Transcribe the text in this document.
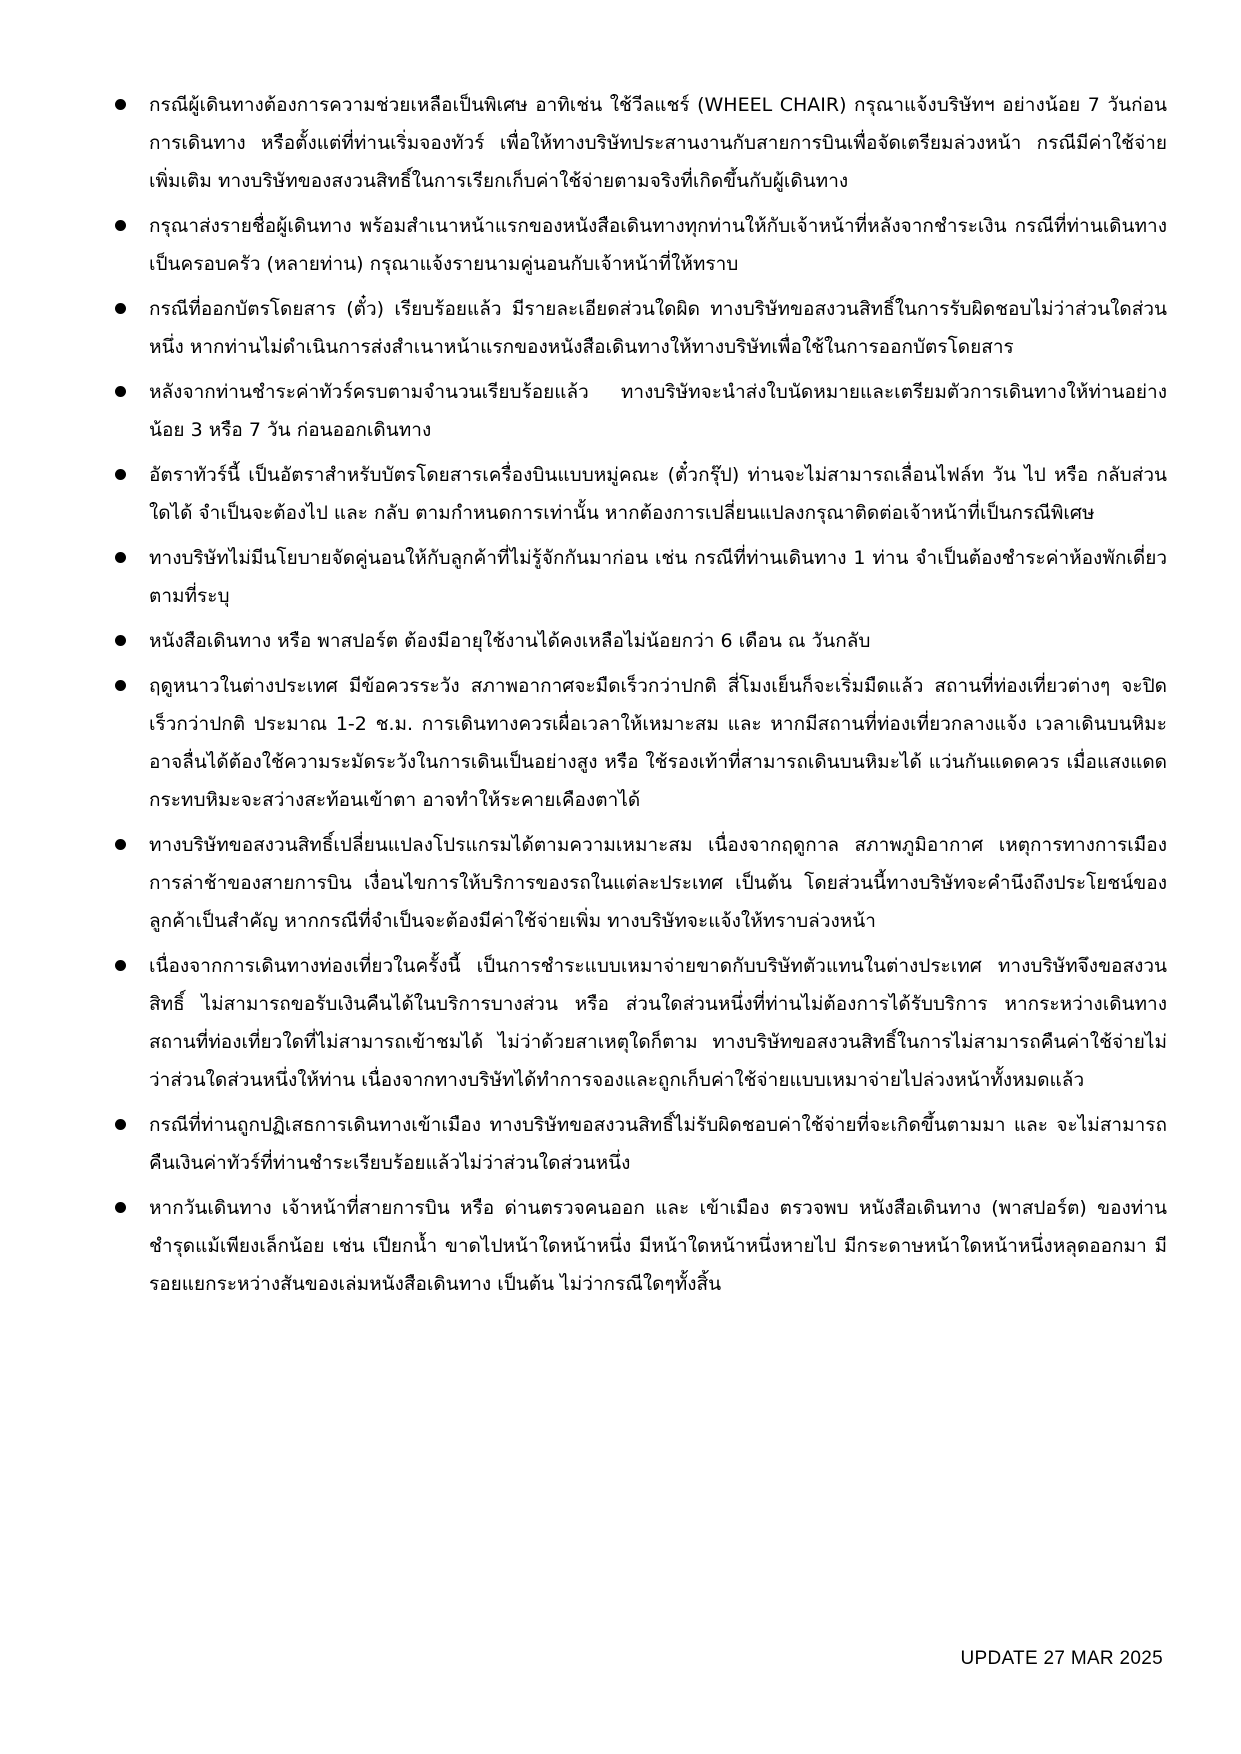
กรณีผู้เดินทางต้องการความช่วยเหลือเป็นพิเศษ อาทิเช่น ใช้วีลแชร์ (WHEEL CHAIR) กรุณาแจ้งบริษัทฯ อย่างน้อย 7 วันก่อนการเดินทาง หรือตั้งแต่ที่ท่านเริ่มจองทัวร์ เพื่อให้ทางบริษัทประสานงานกับสายการบินเพื่อจัดเตรียมล่วงหน้า กรณีมีค่าใช้จ่ายเพิ่มเติม ทางบริษัทของสงวนสิทธิ์ในการเรียกเก็บค่าใช้จ่ายตามจริงที่เกิดขึ้นกับผู้เดินทาง
กรุณาส่งรายชื่อผู้เดินทาง พร้อมสำเนาหน้าแรกของหนังสือเดินทางทุกท่านให้กับเจ้าหน้าที่หลังจากชำระเงิน กรณีที่ท่านเดินทางเป็นครอบครัว (หลายท่าน) กรุณาแจ้งรายนามคู่นอนกับเจ้าหน้าที่ให้ทราบ
กรณีที่ออกบัตรโดยสาร (ตั๋ว) เรียบร้อยแล้ว มีรายละเอียดส่วนใดผิด ทางบริษัทขอสงวนสิทธิ์ในการรับผิดชอบไม่ว่าส่วนใดส่วนหนึ่ง หากท่านไม่ดำเนินการส่งสำเนาหน้าแรกของหนังสือเดินทางให้ทางบริษัทเพื่อใช้ในการออกบัตรโดยสาร
หลังจากท่านชำระค่าทัวร์ครบตามจำนวนเรียบร้อยแล้ว ทางบริษัทจะนำส่งใบนัดหมายและเตรียมตัวการเดินทางให้ท่านอย่างน้อย 3 หรือ 7 วัน ก่อนออกเดินทาง
อัตราทัวร์นี้ เป็นอัตราสำหรับบัตรโดยสารเครื่องบินแบบหมู่คณะ (ตั๋วกรุ๊ป) ท่านจะไม่สามารถเลื่อนไฟล์ท วัน ไป หรือ กลับส่วนใดได้ จำเป็นจะต้องไป และ กลับ ตามกำหนดการเท่านั้น หากต้องการเปลี่ยนแปลงกรุณาติดต่อเจ้าหน้าที่เป็นกรณีพิเศษ
ทางบริษัทไม่มีนโยบายจัดคู่นอนให้กับลูกค้าที่ไม่รู้จักกันมาก่อน เช่น กรณีที่ท่านเดินทาง 1 ท่าน จำเป็นต้องชำระค่าห้องพักเดี่ยวตามที่ระบุ
หนังสือเดินทาง หรือ พาสปอร์ต ต้องมีอายุใช้งานได้คงเหลือไม่น้อยกว่า 6 เดือน ณ วันกลับ
ฤดูหนาวในต่างประเทศ มีข้อควรระวัง สภาพอากาศจะมืดเร็วกว่าปกติ สี่โมงเย็นก็จะเริ่มมืดแล้ว สถานที่ท่องเที่ยวต่างๆ จะปิดเร็วกว่าปกติ ประมาณ 1-2 ช.ม. การเดินทางควรเผื่อเวลาให้เหมาะสม และ หากมีสถานที่ท่องเที่ยวกลางแจ้ง เวลาเดินบนหิมะ อาจลื่นได้ต้องใช้ความระมัดระวังในการเดินเป็นอย่างสูง หรือ ใช้รองเท้าที่สามารถเดินบนหิมะได้ แว่นกันแดดควร เมื่อแสงแดดกระทบหิมะจะสว่างสะท้อนเข้าตา อาจทำให้ระคายเคืองตาได้
ทางบริษัทขอสงวนสิทธิ์เปลี่ยนแปลงโปรแกรมได้ตามความเหมาะสม เนื่องจากฤดูกาล สภาพภูมิอากาศ เหตุการทางการเมือง การล่าช้าของสายการบิน เงื่อนไขการให้บริการของรถในแต่ละประเทศ เป็นต้น โดยส่วนนี้ทางบริษัทจะคำนึงถึงประโยชน์ของลูกค้าเป็นสำคัญ หากกรณีที่จำเป็นจะต้องมีค่าใช้จ่ายเพิ่ม ทางบริษัทจะแจ้งให้ทราบล่วงหน้า
เนื่องจากการเดินทางท่องเที่ยวในครั้งนี้ เป็นการชำระแบบเหมาจ่ายขาดกับบริษัทตัวแทนในต่างประเทศ ทางบริษัทจึงขอสงวนสิทธิ์ ไม่สามารถขอรับเงินคืนได้ในบริการบางส่วน หรือ ส่วนใดส่วนหนึ่งที่ท่านไม่ต้องการได้รับบริการ หากระหว่างเดินทาง สถานที่ท่องเที่ยวใดที่ไม่สามารถเข้าชมได้ ไม่ว่าด้วยสาเหตุใดก็ตาม ทางบริษัทขอสงวนสิทธิ์ในการไม่สามารถคืนค่าใช้จ่ายไม่ว่าส่วนใดส่วนหนึ่งให้ท่าน เนื่องจากทางบริษัทได้ทำการจองและถูกเก็บค่าใช้จ่ายแบบเหมาจ่ายไปล่วงหน้าทั้งหมดแล้ว
กรณีที่ท่านถูกปฏิเสธการเดินทางเข้าเมือง ทางบริษัทขอสงวนสิทธิ์ไม่รับผิดชอบค่าใช้จ่ายที่จะเกิดขึ้นตามมา และ จะไม่สามารถคืนเงินค่าทัวร์ที่ท่านชำระเรียบร้อยแล้วไม่ว่าส่วนใดส่วนหนึ่ง
หากวันเดินทาง เจ้าหน้าที่สายการบิน หรือ ด่านตรวจคนออก และ เข้าเมือง ตรวจพบ หนังสือเดินทาง (พาสปอร์ต) ของท่านชำรุดแม้เพียงเล็กน้อย เช่น เปียกน้ำ ขาดไปหน้าใดหน้าหนึ่ง มีหน้าใดหน้าหนึ่งหายไป มีกระดาษหน้าใดหน้าหนึ่งหลุดออกมา มีรอยแยกระหว่างสันของเล่มหนังสือเดินทาง เป็นต้น ไม่ว่ากรณีใดๆทั้งสิ้น
UPDATE 27 MAR 2025
